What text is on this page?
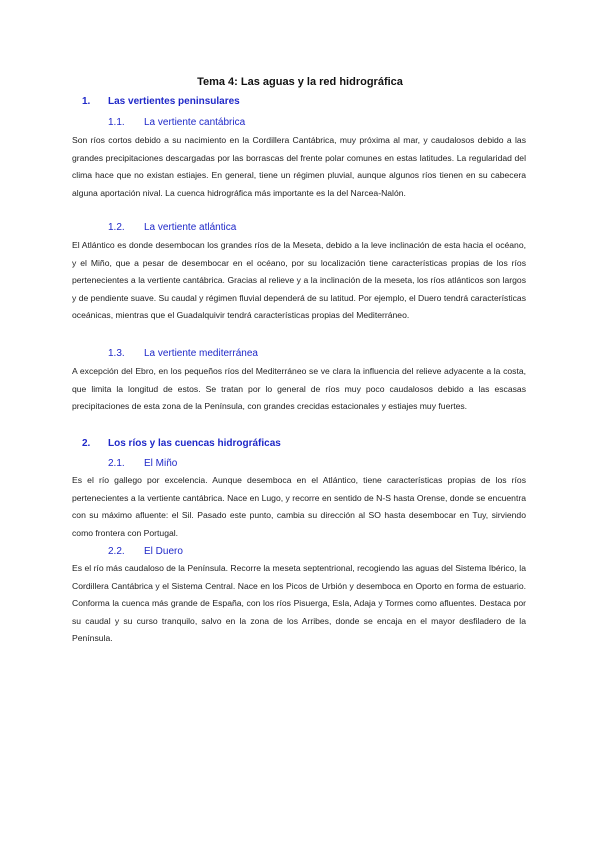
Tema 4: Las aguas y la red hidrográfica
1. Las vertientes peninsulares
1.1. La vertiente cantábrica

Son ríos cortos debido a su nacimiento en la Cordillera Cantábrica, muy próxima al mar, y caudalosos debido a las grandes precipitaciones descargadas por las borrascas del frente polar comunes en estas latitudes. La regularidad del clima hace que no existan estiajes. En general, tiene un régimen pluvial, aunque algunos ríos tienen en su cabecera alguna aportación nival. La cuenca hidrográfica más importante es la del Narcea-Nalón.

1.2. La vertiente atlántica

El Atlántico es donde desembocan los grandes ríos de la Meseta, debido a la leve inclinación de esta hacia el océano, y el Miño, que a pesar de desembocar en el océano, por su localización tiene características propias de los ríos pertenecientes a la vertiente cantábrica. Gracias al relieve y a la inclinación de la meseta, los ríos atlánticos son largos y de pendiente suave. Su caudal y régimen fluvial dependerá de su latitud. Por ejemplo, el Duero tendrá características oceánicas, mientras que el Guadalquivir tendrá características propias del Mediterráneo.

1.3. La vertiente mediterránea

A excepción del Ebro, en los pequeños ríos del Mediterráneo se ve clara la influencia del relieve adyacente a la costa, que limita la longitud de estos. Se tratan por lo general de ríos muy poco caudalosos debido a las escasas precipitaciones de esta zona de la Península, con grandes crecidas estacionales y estiajes muy fuertes.

2. Los ríos y las cuencas hidrográficas
2.1. El Miño

Es el río gallego por excelencia. Aunque desemboca en el Atlántico, tiene características propias de los ríos pertenecientes a la vertiente cantábrica. Nace en Lugo, y recorre en sentido de N-S hasta Orense, donde se encuentra con su máximo afluente: el Sil. Pasado este punto, cambia su dirección al SO hasta desembocar en Tuy, sirviendo como frontera con Portugal.

2.2. El Duero

Es el río más caudaloso de la Península. Recorre la meseta septentrional, recogiendo las aguas del Sistema Ibérico, la Cordillera Cantábrica y el Sistema Central. Nace en los Picos de Urbión y desemboca en Oporto en forma de estuario. Conforma la cuenca más grande de España, con los ríos Pisuerga, Esla, Adaja y Tormes como afluentes. Destaca por su caudal y su curso tranquilo, salvo en la zona de los Arribes, donde se encaja en el mayor desfiladero de la Península.
